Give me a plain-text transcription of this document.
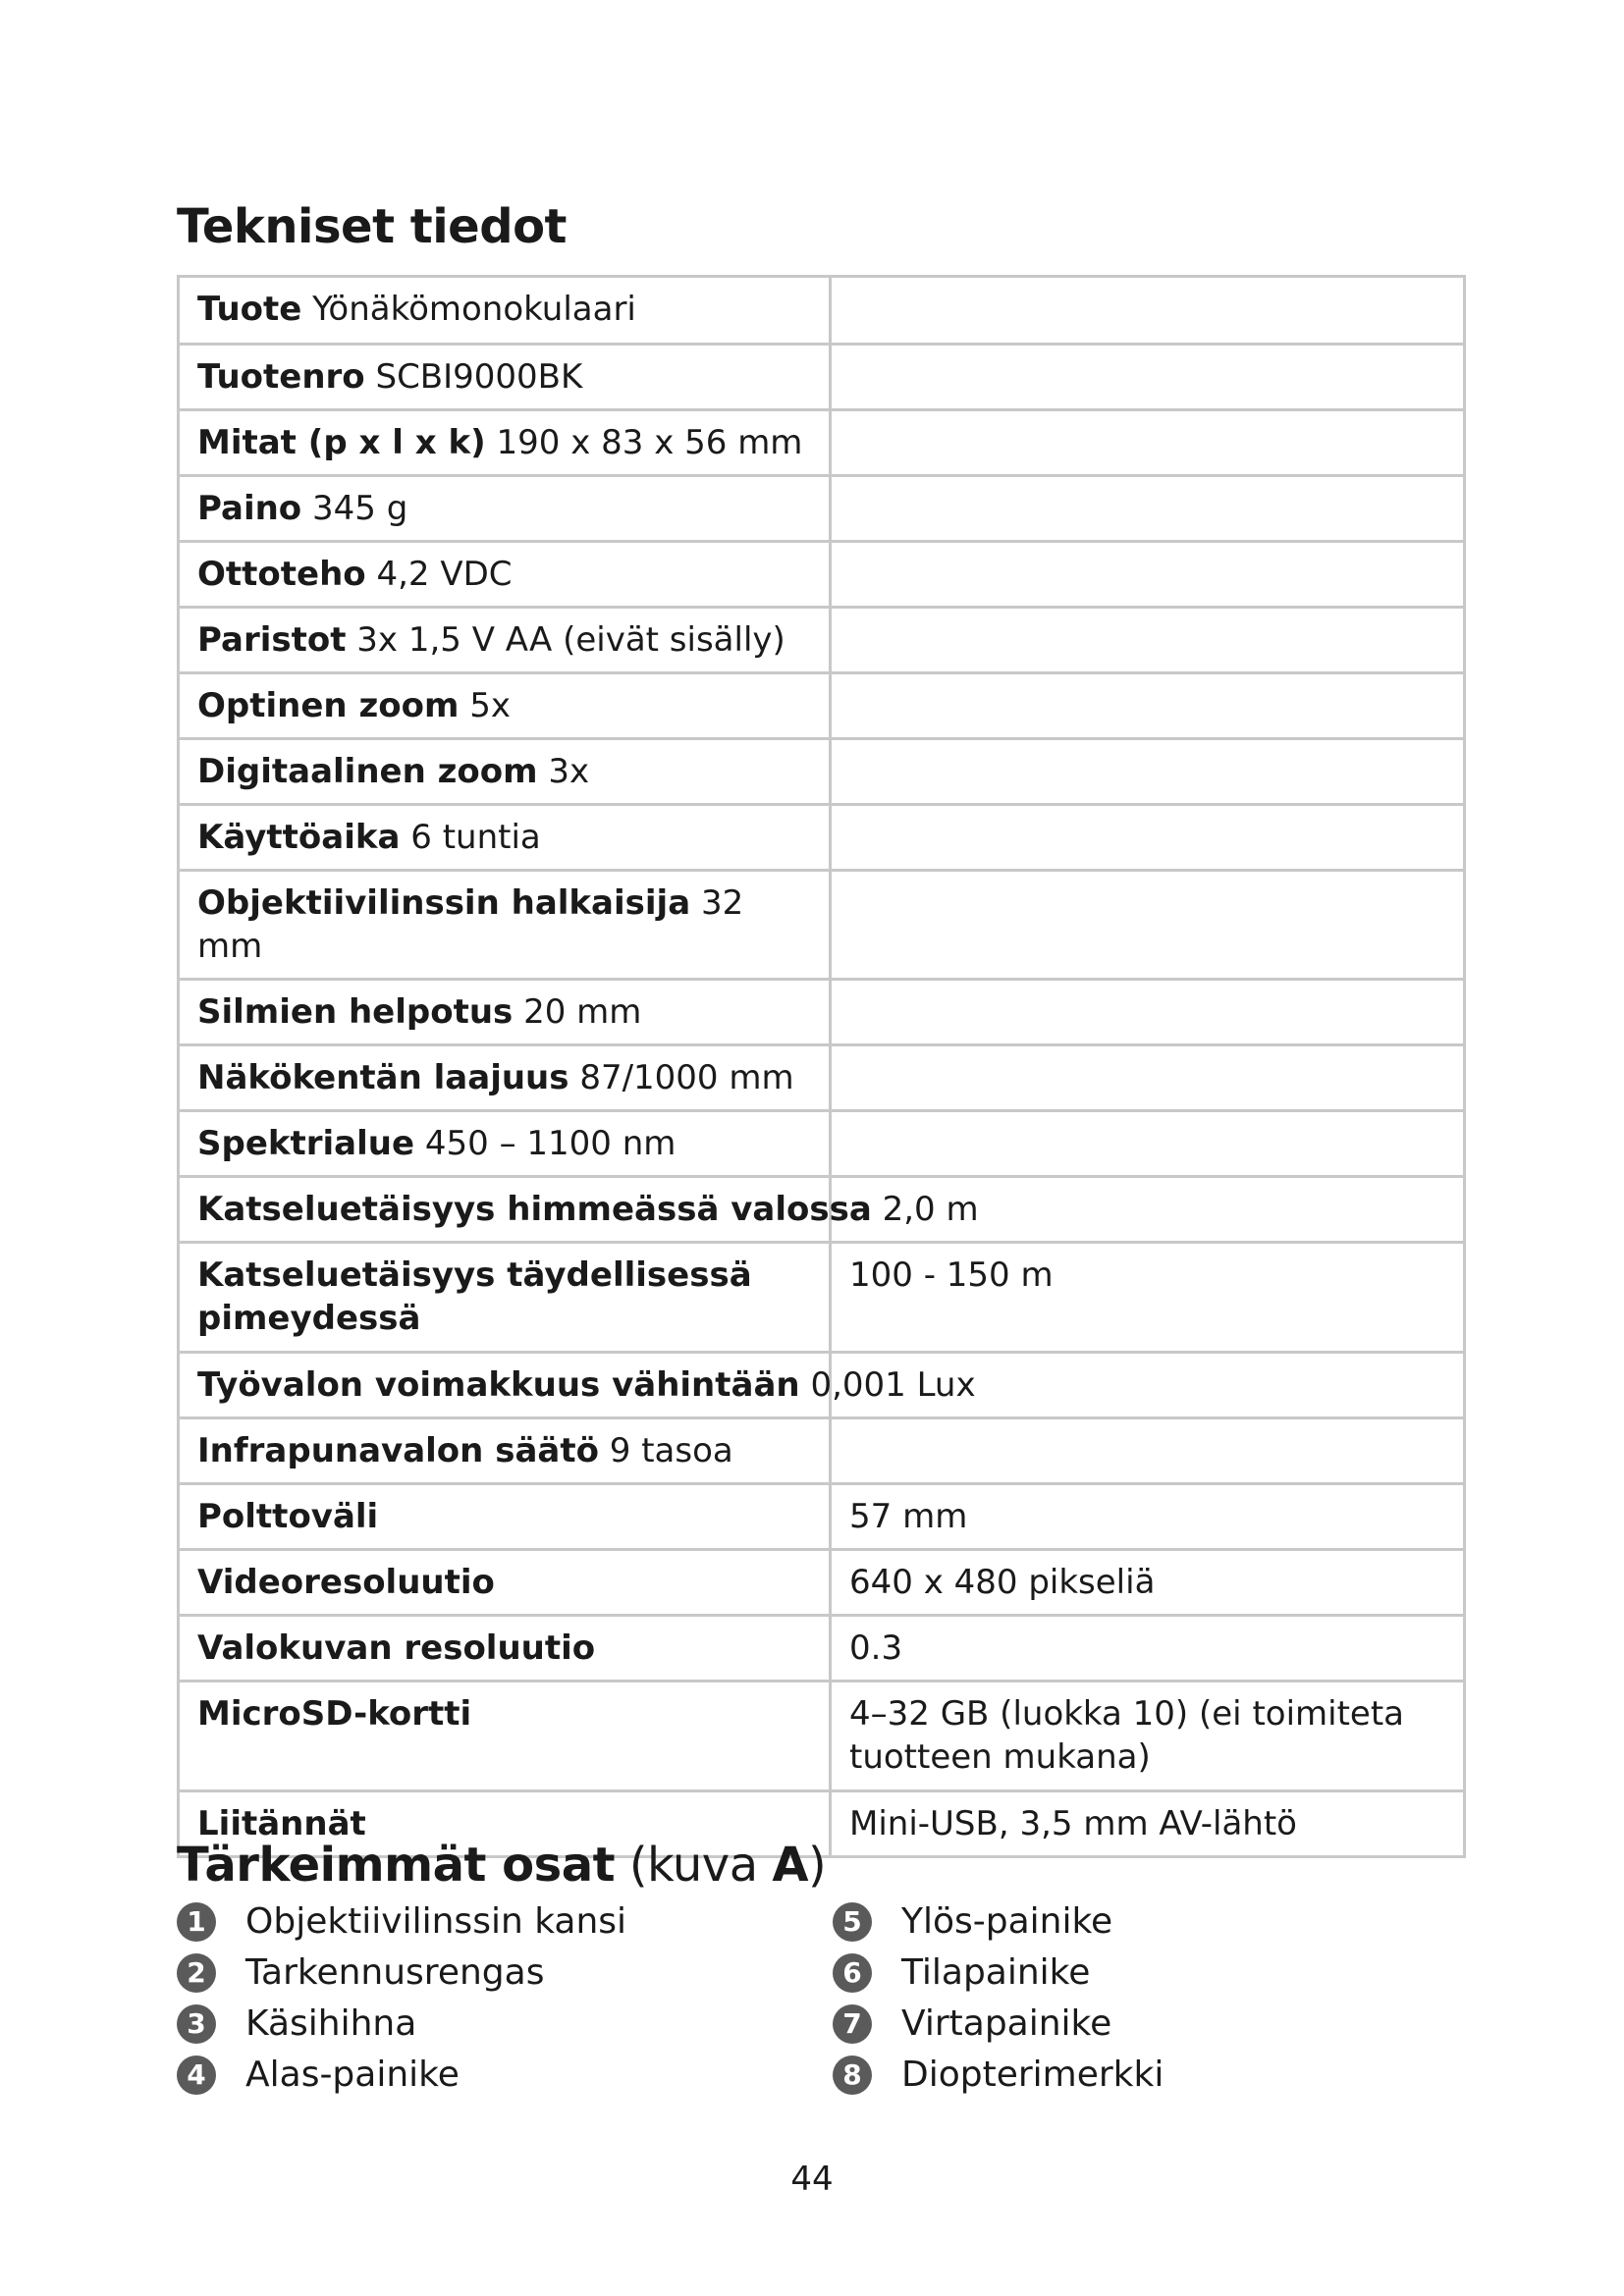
Tekniset tiedot
Tuote Yönäkömonokulaari	
Tuotenro SCBI9000BK	
Mitat (p x l x k) 190 x 83 x 56 mm	
Paino 345 g	
Ottoteho 4,2 VDC	
Paristot 3x 1,5 V AA (eivät sisälly)	
Optinen zoom 5x	
Digitaalinen zoom 3x	
Käyttöaika 6 tuntia	
Objektiivilinssin halkaisija 32 mm	
Silmien helpotus 20 mm	
Näkökentän laajuus 87/1000 mm	
Spektrialue 450 – 1100 nm	
Katseluetäisyys himmeässä valossa 2,0 m	
Katseluetäisyys täydellisessä pimeydessä	100 - 150 m
Työvalon voimakkuus vähintään 0,001 Lux	
Infrapunavalon säätö 9 tasoa	
Polttoväli	57 mm
Videoresoluutio	640 x 480 pikseliä
Valokuvan resoluutio	0.3
MicroSD-kortti	4–32 GB (luokka 10) (ei toimiteta tuotteen mukana)
Liitännät	Mini-USB, 3,5 mm AV-lähtö
Tärkeimmät osat (kuva A)
1 Objektiivilinssin kansi
2 Tarkennusrengas
3 Käsihihna
4 Alas-painike
5 Ylös-painike
6 Tilapainike
7 Virtapainike
8 Diopterimerkki
44
